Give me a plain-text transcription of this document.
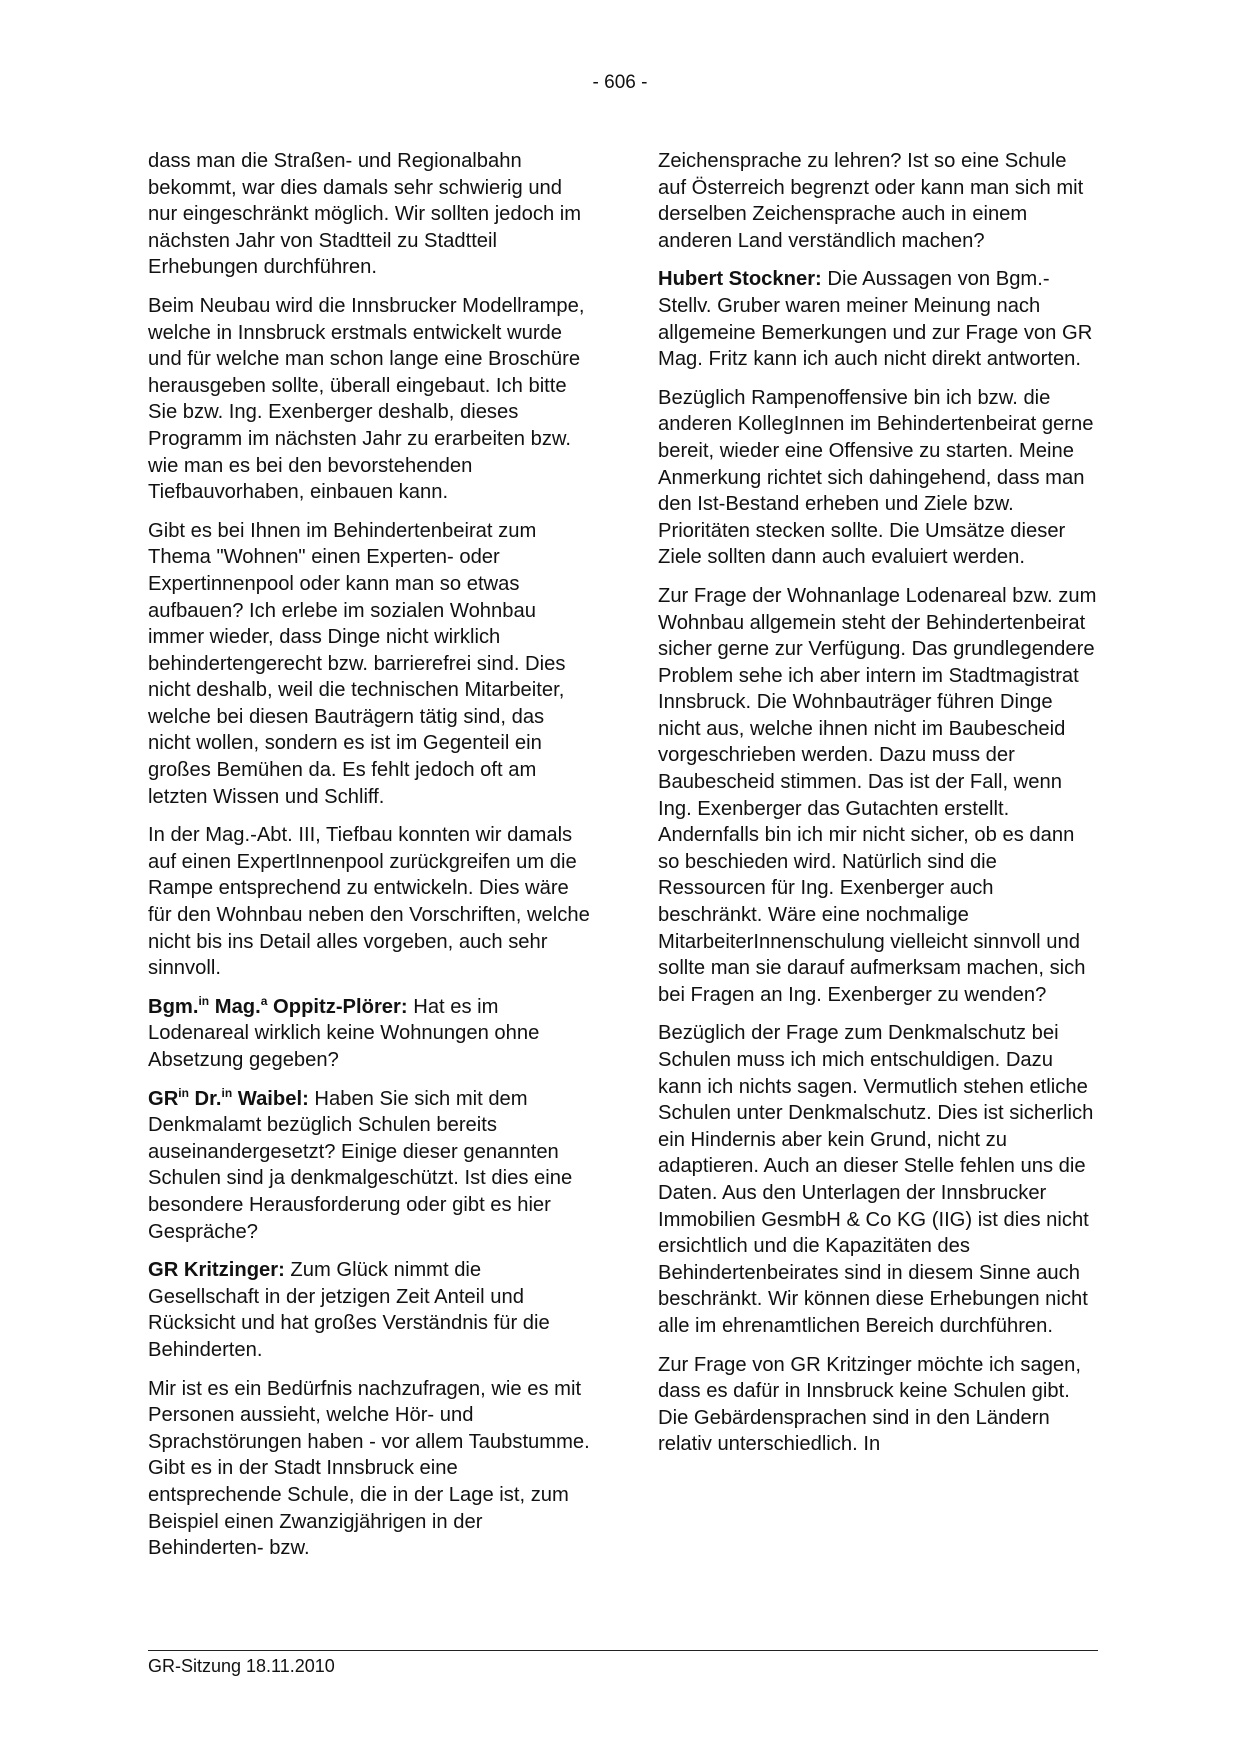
- 606 -

dass man die Straßen- und Regionalbahn bekommt, war dies damals sehr schwierig und nur eingeschränkt möglich. Wir sollten jedoch im nächsten Jahr von Stadtteil zu Stadtteil Erhebungen durchführen.

Beim Neubau wird die Innsbrucker Modellrampe, welche in Innsbruck erstmals entwickelt wurde und für welche man schon lange eine Broschüre herausgeben sollte, überall eingebaut. Ich bitte Sie bzw. Ing. Exenberger deshalb, dieses Programm im nächsten Jahr zu erarbeiten bzw. wie man es bei den bevorstehenden Tiefbauvorhaben, einbauen kann.

Gibt es bei Ihnen im Behindertenbeirat zum Thema "Wohnen" einen Experten- oder Expertinnenpool oder kann man so etwas aufbauen? Ich erlebe im sozialen Wohnbau immer wieder, dass Dinge nicht wirklich behindertengerecht bzw. barrierefrei sind. Dies nicht deshalb, weil die technischen Mitarbeiter, welche bei diesen Bauträgern tätig sind, das nicht wollen, sondern es ist im Gegenteil ein großes Bemühen da. Es fehlt jedoch oft am letzten Wissen und Schliff.

In der Mag.-Abt. III, Tiefbau konnten wir damals auf einen ExpertInnenpool zurückgreifen um die Rampe entsprechend zu entwickeln. Dies wäre für den Wohnbau neben den Vorschriften, welche nicht bis ins Detail alles vorgeben, auch sehr sinnvoll.

Bgm.$^{in}$ Mag.$^a$ Oppitz-Plörer: Hat es im Lodenareal wirklich keine Wohnungen ohne Absetzung gegeben?

$GR^{in}$ Dr.$^{in}$ Waibel: Haben Sie sich mit dem Denkmalamt bezüglich Schulen bereits auseinandergesetzt? Einige dieser genannten Schulen sind ja denkmalgeschützt. Ist dies eine besondere Herausforderung oder gibt es hier Gespräche?

GR Kritzinger: Zum Glück nimmt die Gesellschaft in der jetzigen Zeit Anteil und Rücksicht und hat großes Verständnis für die Behinderten.

Mir ist es ein Bedürfnis nachzufragen, wie es mit Personen aussieht, welche Hör- und Sprachstörungen haben - vor allem Taubstumme. Gibt es in der Stadt Innsbruck eine entsprechende Schule, die in der Lage ist, zum Beispiel einen Zwanzigjährigen in der Behinderten- bzw.

Zeichensprache zu lehren? Ist so eine Schule auf Österreich begrenzt oder kann man sich mit derselben Zeichensprache auch in einem anderen Land verständlich machen?

Hubert Stockner: Die Aussagen von Bgm.-Stellv. Gruber waren meiner Meinung nach allgemeine Bemerkungen und zur Frage von GR Mag. Fritz kann ich auch nicht direkt antworten.

Bezüglich Rampenoffensive bin ich bzw. die anderen KollegInnen im Behindertenbeirat gerne bereit, wieder eine Offensive zu starten. Meine Anmerkung richtet sich dahingehend, dass man den Ist-Bestand erheben und Ziele bzw. Prioritäten stecken sollte. Die Umsätze dieser Ziele sollten dann auch evaluiert werden.

Zur Frage der Wohnanlage Lodenareal bzw. zum Wohnbau allgemein steht der Behindertenbeirat sicher gerne zur Verfügung. Das grundlegendere Problem sehe ich aber intern im Stadtmagistrat Innsbruck. Die Wohnbauträger führen Dinge nicht aus, welche ihnen nicht im Baubescheid vorgeschrieben werden. Dazu muss der Baubescheid stimmen. Das ist der Fall, wenn Ing. Exenberger das Gutachten erstellt. Andernfalls bin ich mir nicht sicher, ob es dann so beschieden wird. Natürlich sind die Ressourcen für Ing. Exenberger auch beschränkt. Wäre eine nochmalige MitarbeiterInnenschulung vielleicht sinnvoll und sollte man sie darauf aufmerksam machen, sich bei Fragen an Ing. Exenberger zu wenden?

Bezüglich der Frage zum Denkmalschutz bei Schulen muss ich mich entschuldigen. Dazu kann ich nichts sagen. Vermutlich stehen etliche Schulen unter Denkmalschutz. Dies ist sicherlich ein Hindernis aber kein Grund, nicht zu adaptieren. Auch an dieser Stelle fehlen uns die Daten. Aus den Unterlagen der Innsbrucker Immobilien GesmbH & Co KG (IIG) ist dies nicht ersichtlich und die Kapazitäten des Behindertenbeirates sind in diesem Sinne auch beschränkt. Wir können diese Erhebungen nicht alle im ehrenamtlichen Bereich durchführen.

Zur Frage von GR Kritzinger möchte ich sagen, dass es dafür in Innsbruck keine Schulen gibt. Die Gebärdensprachen sind in den Ländern relativ unterschiedlich. In

GR-Sitzung 18.11.2010
